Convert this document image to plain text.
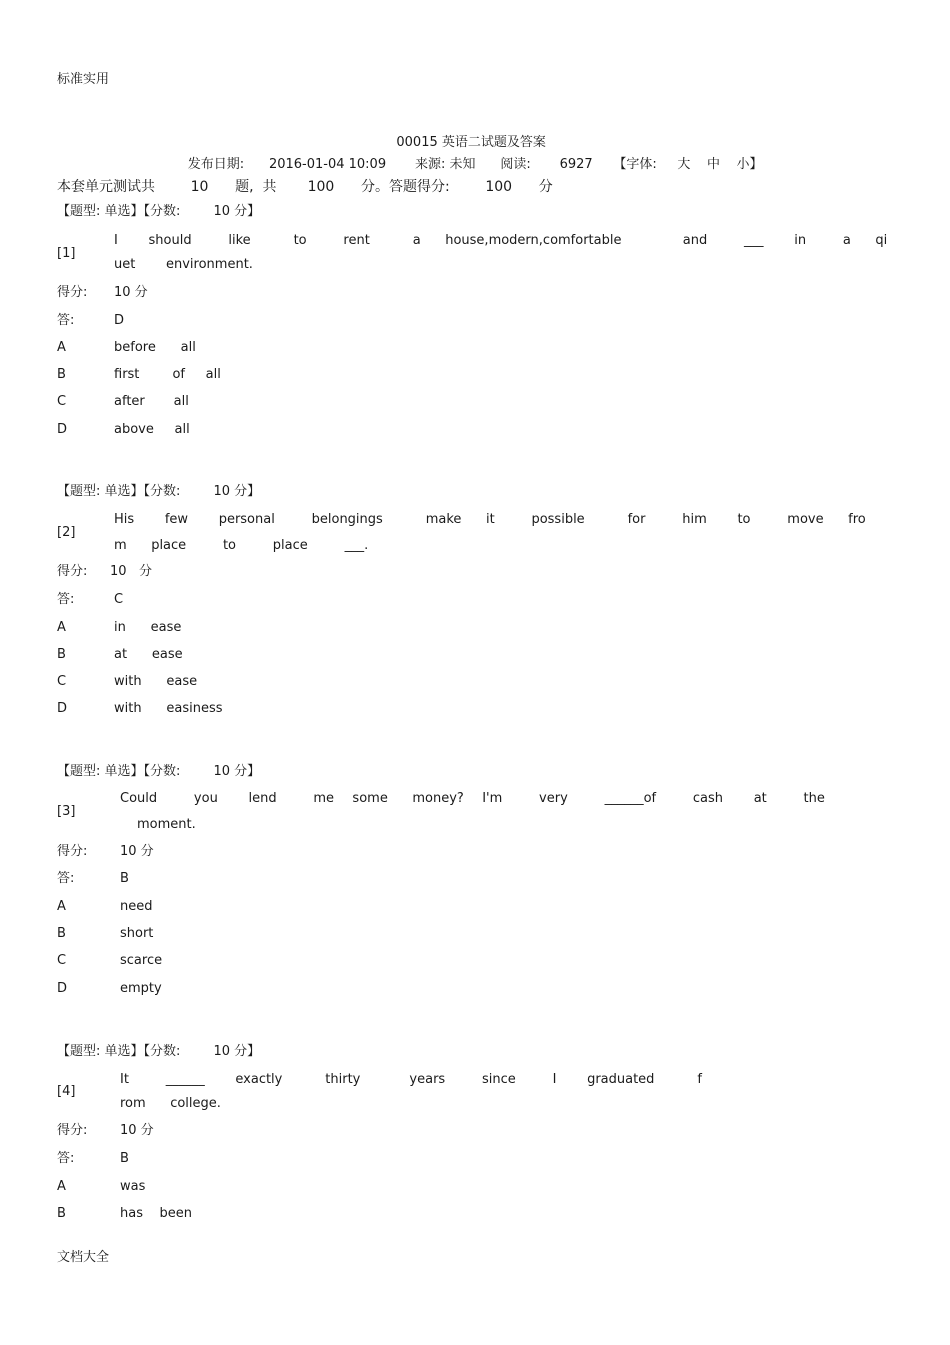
标准实用

00015 英语二试题及答案

发布日期:      2016-01-04 10:09       来源: 未知      阅读:       6927     【字体:     大    中    小】

本套单元测试共        10      题,  共       100      分。答题得分:        100      分
【题型: 单选】【分数:        10 分】
[1]
I     should      like       to      rent       a    house,modern,comfortable          and      ___     in      a    qi
uet     environment.
得分: 10 分
答:	D
A	before      all
B	first        of     all
C	after       all
D	above     all
【题型: 单选】【分数:        10 分】
[2]
His     few     personal      belongings       make    it      possible       for      him     to      move    fro
m    place      to      place      ___.
得分: 10   分
答:	C
A	in      ease
B	at      ease
C	with      ease
D	with      easiness
【题型: 单选】【分数:        10 分】
[3]
Could      you     lend      me   some    money?   I'm      very      ______of      cash     at      the
moment.
得分:	10 分
答:	B
A	need
B	short
C	scarce
D	empty
【题型: 单选】【分数:        10 分】
[4]
It      ______     exactly       thirty        years      since      I     graduated       f
rom    college.
得分:	10 分
答:	B
A	was
B	has    been
文档大全
